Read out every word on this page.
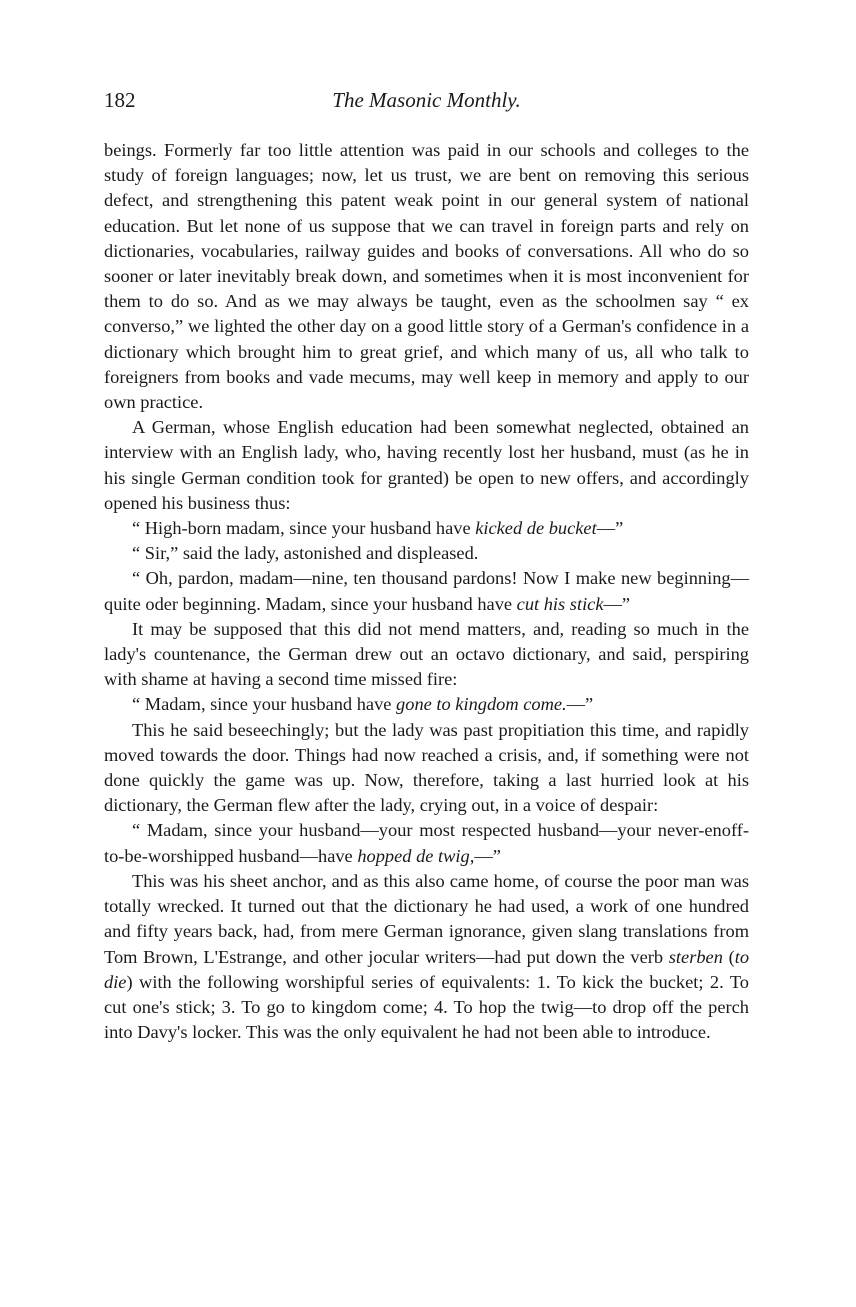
182	The Masonic Monthly.

beings. Formerly far too little attention was paid in our schools and colleges to the study of foreign languages; now, let us trust, we are bent on removing this serious defect, and strengthening this patent weak point in our general system of national education. But let none of us suppose that we can travel in foreign parts and rely on dictionaries, vocabularies, railway guides and books of conversations. All who do so sooner or later inevitably break down, and sometimes when it is most inconvenient for them to do so. And as we may always be taught, even as the schoolmen say “ ex converso,” we lighted the other day on a good little story of a German's confidence in a dictionary which brought him to great grief, and which many of us, all who talk to foreigners from books and vade mecums, may well keep in memory and apply to our own practice.

A German, whose English education had been somewhat neglected, obtained an interview with an English lady, who, having recently lost her husband, must (as he in his single German condition took for granted) be open to new offers, and accordingly opened his business thus:

“ High-born madam, since your husband have kicked de bucket—”

“ Sir,” said the lady, astonished and displeased.

“ Oh, pardon, madam—nine, ten thousand pardons! Now I make new beginning—quite oder beginning. Madam, since your husband have cut his stick—”

It may be supposed that this did not mend matters, and, reading so much in the lady's countenance, the German drew out an octavo dictionary, and said, perspiring with shame at having a second time missed fire:

“ Madam, since your husband have gone to kingdom come.—”

This he said beseechingly; but the lady was past propitiation this time, and rapidly moved towards the door. Things had now reached a crisis, and, if something were not done quickly the game was up. Now, therefore, taking a last hurried look at his dictionary, the German flew after the lady, crying out, in a voice of despair:

“ Madam, since your husband—your most respected husband—your never-enoff-to-be-worshipped husband—have hopped de twig,—”

This was his sheet anchor, and as this also came home, of course the poor man was totally wrecked. It turned out that the dictionary he had used, a work of one hundred and fifty years back, had, from mere German ignorance, given slang translations from Tom Brown, L'Estrange, and other jocular writers—had put down the verb sterben (to die) with the following worshipful series of equivalents: 1. To kick the bucket; 2. To cut one's stick; 3. To go to kingdom come; 4. To hop the twig—to drop off the perch into Davy's locker. This was the only equivalent he had not been able to introduce.
